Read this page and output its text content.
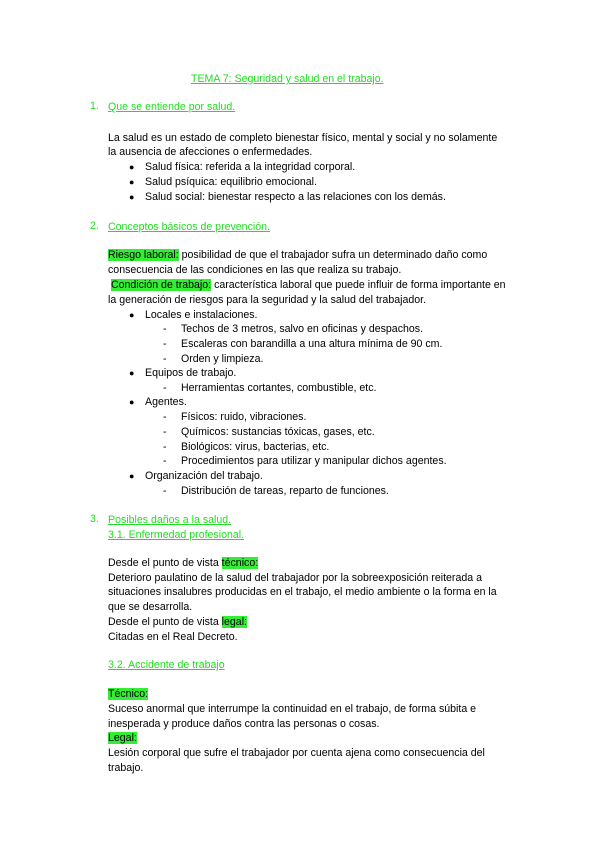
TEMA 7: Seguridad y salud en el trabajo.
1. Que se entiende por salud.
La salud es un estado de completo bienestar físico, mental y social y no solamente
la ausencia de afecciones o enfermedades.
● Salud física: referida a la integridad corporal.
● Salud psíquica: equilibrio emocional.
● Salud social: bienestar respecto a las relaciones con los demás.
2. Conceptos básicos de prevención.
Riesgo laboral: posibilidad de que el trabajador sufra un determinado daño como
consecuencia de las condiciones en las que realiza su trabajo.
Condición de trabajo: característica laboral que puede influir de forma importante en
la generación de riesgos para la seguridad y la salud del trabajador.
● Locales e instalaciones.
- Techos de 3 metros, salvo en oficinas y despachos.
- Escaleras con barandilla a una altura mínima de 90 cm.
- Orden y limpieza.
● Equipos de trabajo.
- Herramientas cortantes, combustible, etc.
● Agentes.
- Físicos: ruido, vibraciones.
- Químicos: sustancias tóxicas, gases, etc.
- Biológicos: virus, bacterias, etc.
- Procedimientos para utilizar y manipular dichos agentes.
● Organización del trabajo.
- Distribución de tareas, reparto de funciones.
3. Posibles daños a la salud.
3.1. Enfermedad profesional.
Desde el punto de vista técnico:
Deterioro paulatino de la salud del trabajador por la sobreexposición reiterada a
situaciones insalubres producidas en el trabajo, el medio ambiente o la forma en la
que se desarrolla.
Desde el punto de vista legal:
Citadas en el Real Decreto.
3.2. Accidente de trabajo
Técnico:
Suceso anormal que interrumpe la continuidad en el trabajo, de forma súbita e
inesperada y produce daños contra las personas o cosas.
Legal:
Lesión corporal que sufre el trabajador por cuenta ajena como consecuencia del
trabajo.
